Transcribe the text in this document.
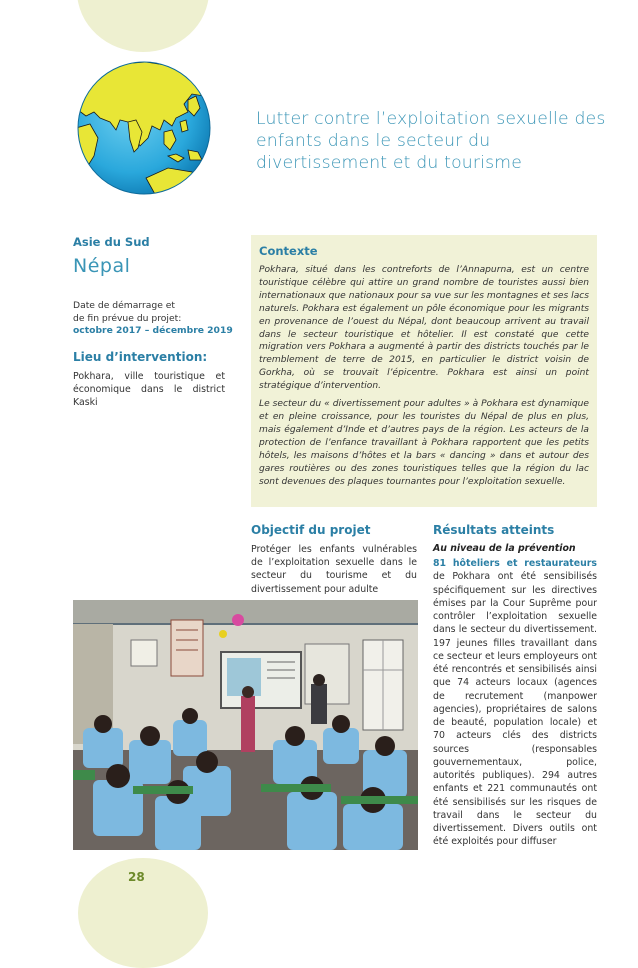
Lutter contre l’exploitation sexuelle des enfants dans le secteur du divertissement et du tourisme
Asie du Sud
Népal
Date de démarrage et
de fin prévue du projet:
octobre 2017 – décembre 2019
Lieu d’intervention:
Pokhara, ville touristique et économique dans le district Kaski
Contexte

Pokhara, situé dans les contreforts de l’Annapurna, est un centre touristique célèbre qui attire un grand nombre de touristes aussi bien internationaux que nationaux pour sa vue sur les montagnes et ses lacs naturels. Pokhara est également un pôle économique pour les migrants en provenance de l’ouest du Népal, dont beaucoup arrivent au travail dans le secteur touristique et hôtelier. Il est constaté que cette migration vers Pokhara a augmenté à partir des districts touchés par le tremblement de terre de 2015, en particulier le district voisin de Gorkha, où se trouvait l’épicentre. Pokhara est ainsi un point stratégique d’intervention.

Le secteur du « divertissement pour adultes » à Pokhara est dynamique et en pleine croissance, pour les touristes du Népal de plus en plus, mais également d’Inde et d’autres pays de la région. Les acteurs de la protection de l’enfance travaillant à Pokhara rapportent que les petits hôtels, les maisons d’hôtes et la bars « dancing » dans et autour des gares routières ou des zones touristiques telles que la région du lac sont devenues des plaques tournantes pour l’exploitation sexuelle.

Objectif du projet
Protéger les enfants vulnérables de l’exploitation sexuelle dans le secteur du tourisme et du divertissement pour adulte
Résultats atteints
Au niveau de la prévention
81 hôteliers et restaurateurs de Pokhara ont été sensibilisés spécifiquement sur les directives émises par la Cour Suprême pour contrôler l’exploitation sexuelle dans le secteur du divertissement. 197 jeunes filles travaillant dans ce secteur et leurs employeurs ont été rencontrés et sensibilisés ainsi que 74 acteurs locaux (agences de recrutement (manpower agencies), propriétaires de salons de beauté, population locale) et 70 acteurs clés des districts sources (responsables gouvernementaux, police, autorités publiques). 294 autres enfants et 221 communautés ont été sensibilisés sur les risques de travail dans le secteur du divertissement. Divers outils ont été exploités pour diffuser
28
